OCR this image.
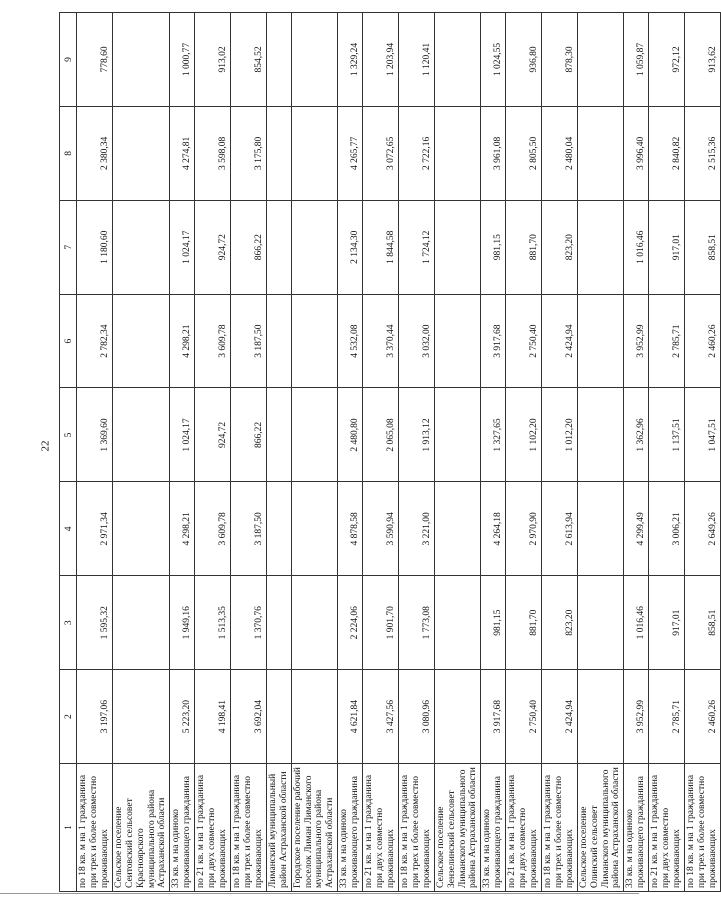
22
1	2	3	4	5	6	7	8	9
по 18 кв. м на 1 гражданина при трех и более совместно проживающих	3 197,06	1 595,32	2 971,34	1 369,60	2 782,34	1 180,60	2 380,34	778,60
Сельское поселение Сеитовский сельсовет Красноярского муниципального района Астраханской области								
33 кв. м на одиноко проживающего гражданина	5 223,20	1 949,16	4 298,21	1 024,17	4 298,21	1 024,17	4 274,81	1 000,77
по 21 кв. м на 1 гражданина при двух совместно проживающих	4 198,41	1 513,35	3 609,78	924,72	3 609,78	924,72	3 598,08	913,02
по 18 кв. м на 1 гражданина при трех и более совместно проживающих	3 692,04	1 370,76	3 187,50	866,22	3 187,50	866,22	3 175,80	854,52
Лиманский муниципальный район Астраханской области								
Городское поселение рабочий поселок Лиман Лиманского муниципального района Астраханской области								
33 кв. м на одиноко проживающего гражданина	4 621,84	2 224,06	4 878,58	2 480,80	4 532,08	2 134,30	4 265,77	1 329,24
по 21 кв. м на 1 гражданина при двух совместно проживающих	3 427,56	1 901,70	3 590,94	2 065,08	3 370,44	1 844,58	3 072,65	1 203,94
по 18 кв. м на 1 гражданина при трех и более совместно проживающих	3 080,96	1 773,08	3 221,00	1 913,12	3 032,00	1 724,12	2 722,16	1 120,41
Сельское поселение Зензелинский сельсовет Лиманского муниципального района Астраханской области								
33 кв. м на одиноко проживающего гражданина	3 917,68	981,15	4 264,18	1 327,65	3 917,68	981,15	3 961,08	1 024,55
по 21 кв. м на 1 гражданина при двух совместно проживающих	2 750,40	881,70	2 970,90	1 102,20	2 750,40	881,70	2 805,50	936,80
по 18 кв. м на 1 гражданина при трех и более совместно проживающих	2 424,94	823,20	2 613,94	1 012,20	2 424,94	823,20	2 480,04	878,30
Сельское поселение Олинский сельсовет Лиманского муниципального района Астраханской области								
33 кв. м на одиноко проживающего гражданина	3 952,99	1 016,46	4 299,49	1 362,96	3 952,99	1 016,46	3 996,40	1 059,87
по 21 кв. м на 1 гражданина при двух совместно проживающих	2 785,71	917,01	3 006,21	1 137,51	2 785,71	917,01	2 840,82	972,12
по 18 кв. м на 1 гражданина при трех и более совместно проживающих	2 460,26	858,51	2 649,26	1 047,51	2 460,26	858,51	2 515,36	913,62
